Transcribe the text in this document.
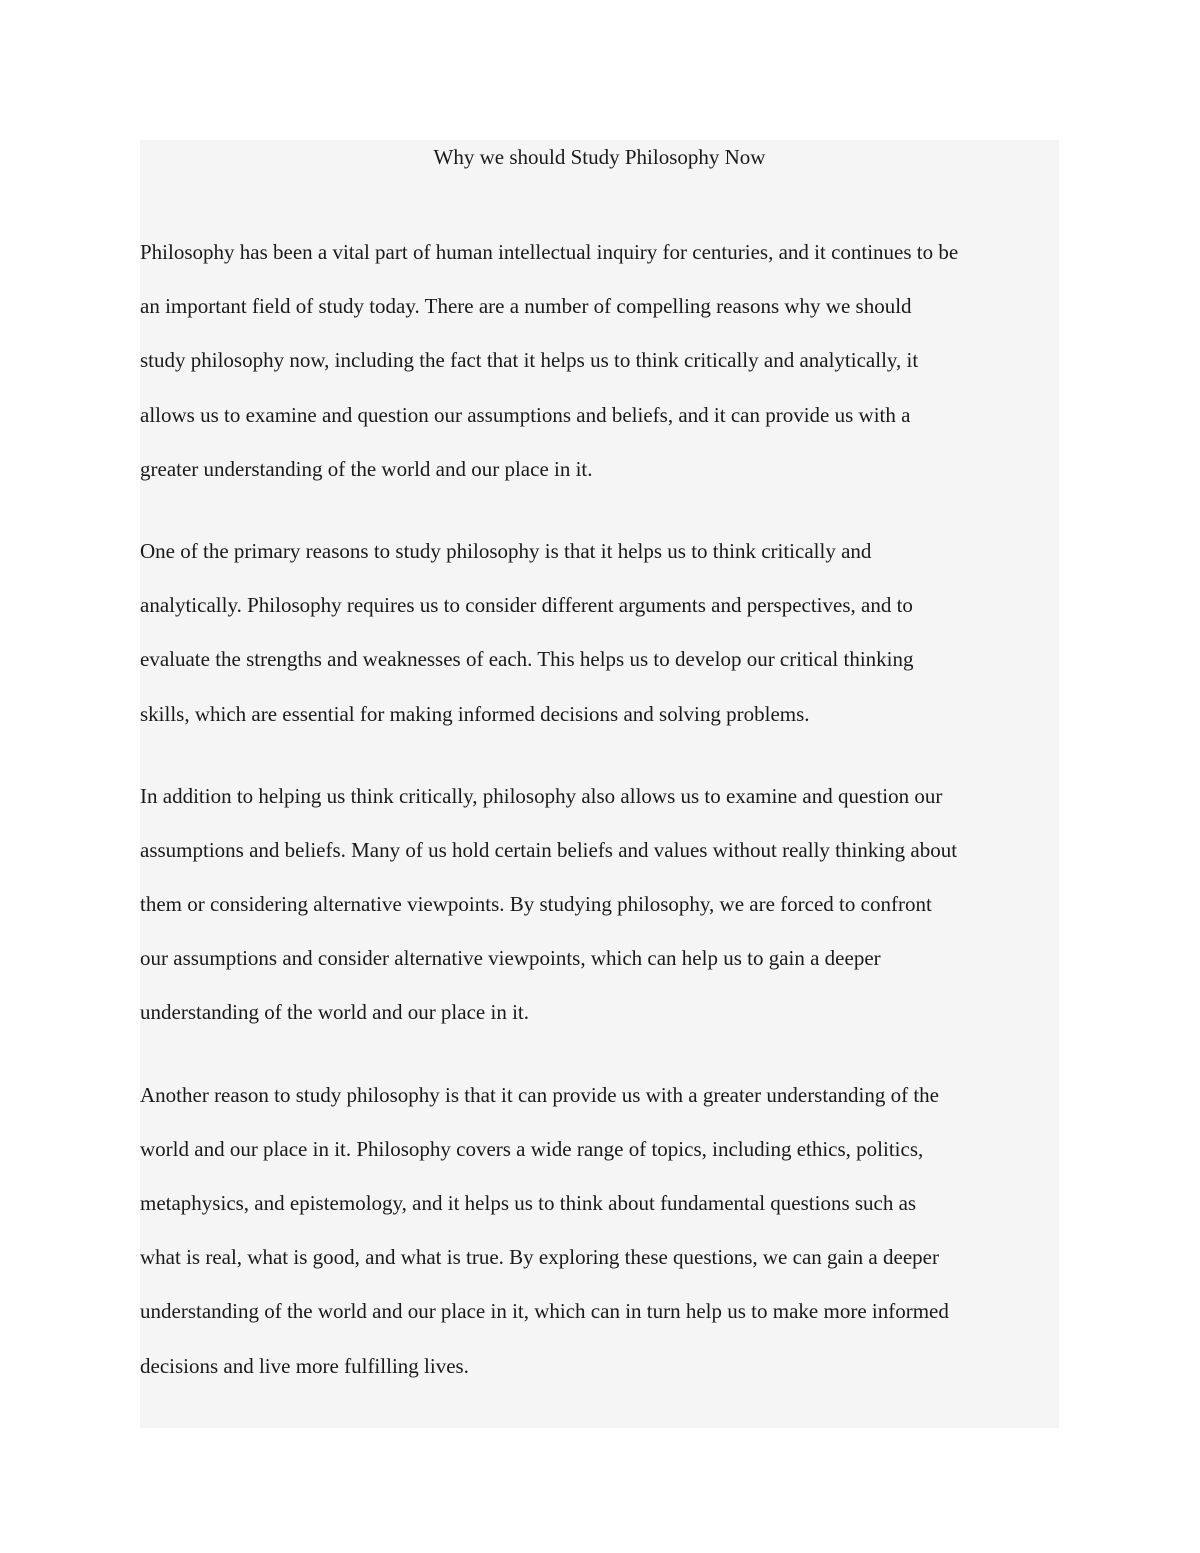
Why we should Study Philosophy Now
Philosophy has been a vital part of human intellectual inquiry for centuries, and it continues to be
an important field of study today. There are a number of compelling reasons why we should
study philosophy now, including the fact that it helps us to think critically and analytically, it
allows us to examine and question our assumptions and beliefs, and it can provide us with a
greater understanding of the world and our place in it.
One of the primary reasons to study philosophy is that it helps us to think critically and
analytically. Philosophy requires us to consider different arguments and perspectives, and to
evaluate the strengths and weaknesses of each. This helps us to develop our critical thinking
skills, which are essential for making informed decisions and solving problems.
In addition to helping us think critically, philosophy also allows us to examine and question our
assumptions and beliefs. Many of us hold certain beliefs and values without really thinking about
them or considering alternative viewpoints. By studying philosophy, we are forced to confront
our assumptions and consider alternative viewpoints, which can help us to gain a deeper
understanding of the world and our place in it.
Another reason to study philosophy is that it can provide us with a greater understanding of the
world and our place in it. Philosophy covers a wide range of topics, including ethics, politics,
metaphysics, and epistemology, and it helps us to think about fundamental questions such as
what is real, what is good, and what is true. By exploring these questions, we can gain a deeper
understanding of the world and our place in it, which can in turn help us to make more informed
decisions and live more fulfilling lives.
